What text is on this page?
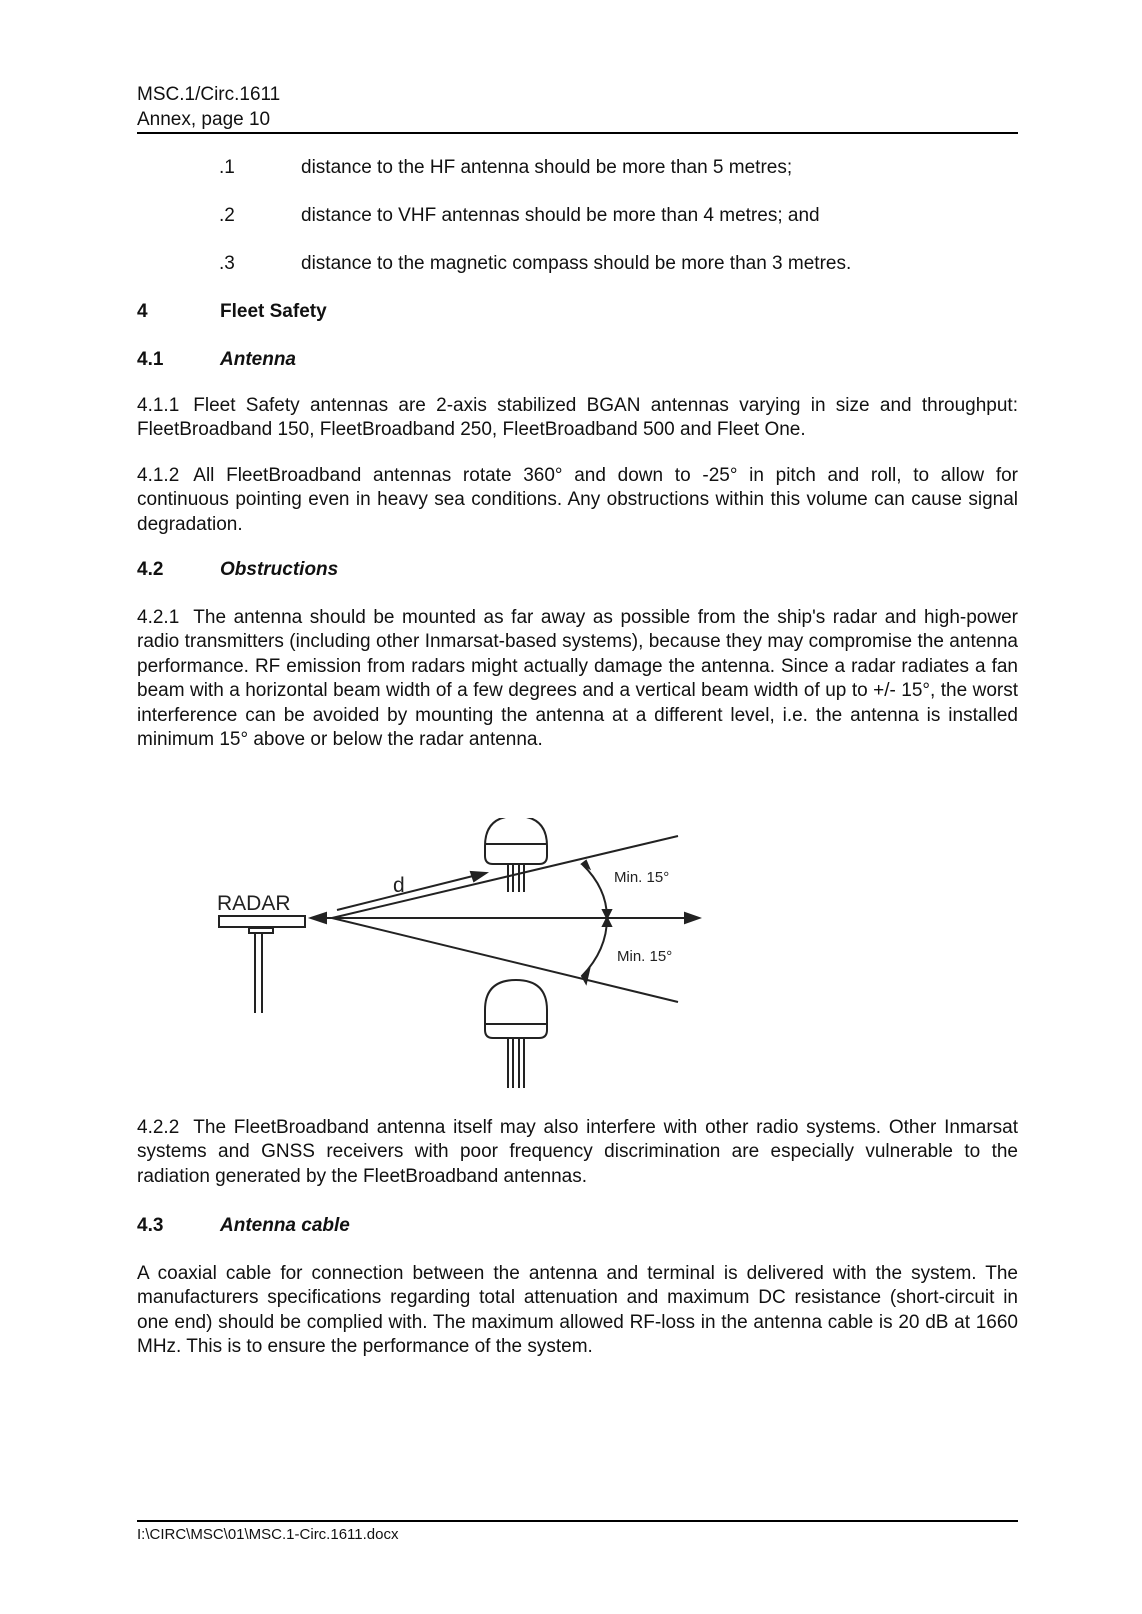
MSC.1/Circ.1611
Annex, page 10
.1	distance to the HF antenna should be more than 5 metres;
.2	distance to VHF antennas should be more than 4 metres; and
.3	distance to the magnetic compass should be more than 3 metres.
4	Fleet Safety
4.1	Antenna
4.1.1 Fleet Safety antennas are 2-axis stabilized BGAN antennas varying in size and throughput: FleetBroadband 150, FleetBroadband 250, FleetBroadband 500 and Fleet One.
4.1.2 All FleetBroadband antennas rotate 360° and down to -25° in pitch and roll, to allow for continuous pointing even in heavy sea conditions. Any obstructions within this volume can cause signal degradation.
4.2	Obstructions
4.2.1 The antenna should be mounted as far away as possible from the ship's radar and high-power radio transmitters (including other Inmarsat-based systems), because they may compromise the antenna performance. RF emission from radars might actually damage the antenna. Since a radar radiates a fan beam with a horizontal beam width of a few degrees and a vertical beam width of up to +/- 15°, the worst interference can be avoided by mounting the antenna at a different level, i.e. the antenna is installed minimum 15° above or below the radar antenna.
RADAR
d	Min. 15°
Min. 15°
4.2.2 The FleetBroadband antenna itself may also interfere with other radio systems. Other Inmarsat systems and GNSS receivers with poor frequency discrimination are especially vulnerable to the radiation generated by the FleetBroadband antennas.
4.3	Antenna cable
A coaxial cable for connection between the antenna and terminal is delivered with the system. The manufacturers specifications regarding total attenuation and maximum DC resistance (short-circuit in one end) should be complied with. The maximum allowed RF-loss in the antenna cable is 20 dB at 1660 MHz. This is to ensure the performance of the system.
I:\CIRC\MSC\01\MSC.1-Circ.1611.docx
